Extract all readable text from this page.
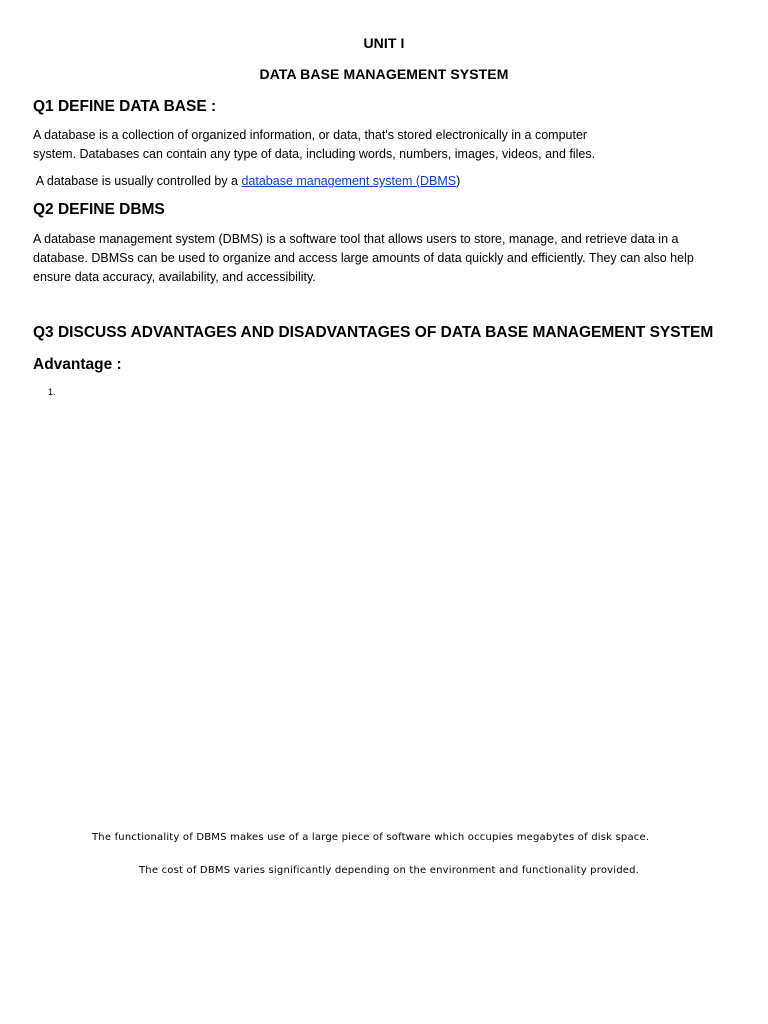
UNIT I
DATA BASE MANAGEMENT SYSTEM
Q1 DEFINE DATA BASE :
A database is a collection of organized information, or data, that's stored electronically in a computer
system. Databases can contain any type of data, including words, numbers, images, videos, and files.
A database is usually controlled by a database management system (DBMS)
Q2 DEFINE DBMS
A database management system (DBMS) is a software tool that allows users to store, manage, and retrieve data in a
database. DBMSs can be used to organize and access large amounts of data quickly and efficiently. They can also help
ensure data accuracy, availability, and accessibility.
Q3 DISCUSS ADVANTAGES AND DISADVANTAGES OF DATA BASE MANAGEMENT SYSTEM
Advantage :
1.
The functionality of DBMS makes use of a large piece of software which occupies megabytes of disk space.
The cost of DBMS varies significantly depending on the environment and functionality provided.
